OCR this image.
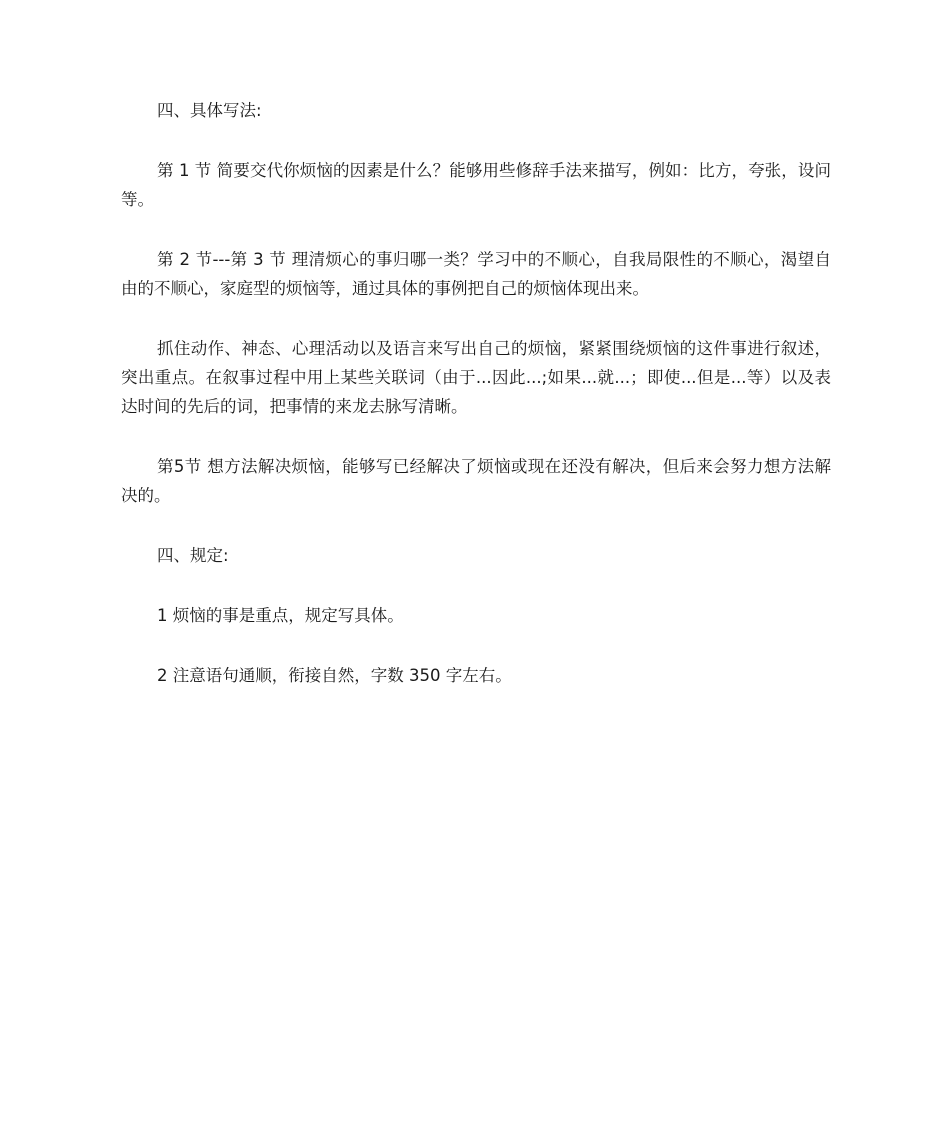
四、具体写法:

第 1 节 简要交代你烦恼的因素是什么？能够用些修辞手法来描写，例如：比方，夸张，设问等。

第 2 节---第 3 节 理清烦心的事归哪一类？学习中的不顺心，自我局限性的不顺心，渴望自由的不顺心，家庭型的烦恼等，通过具体的事例把自己的烦恼体现出来。

抓住动作、神态、心理活动以及语言来写出自己的烦恼，紧紧围绕烦恼的这件事进行叙述，突出重点。在叙事过程中用上某些关联词（由于...因此...;如果...就...；即使...但是...等）以及表达时间的先后的词，把事情的来龙去脉写清晰。

第5节 想方法解决烦恼，能够写已经解决了烦恼或现在还没有解决，但后来会努力想方法解决的。

四、规定:

1 烦恼的事是重点，规定写具体。

2 注意语句通顺，衔接自然，字数 350 字左右。
